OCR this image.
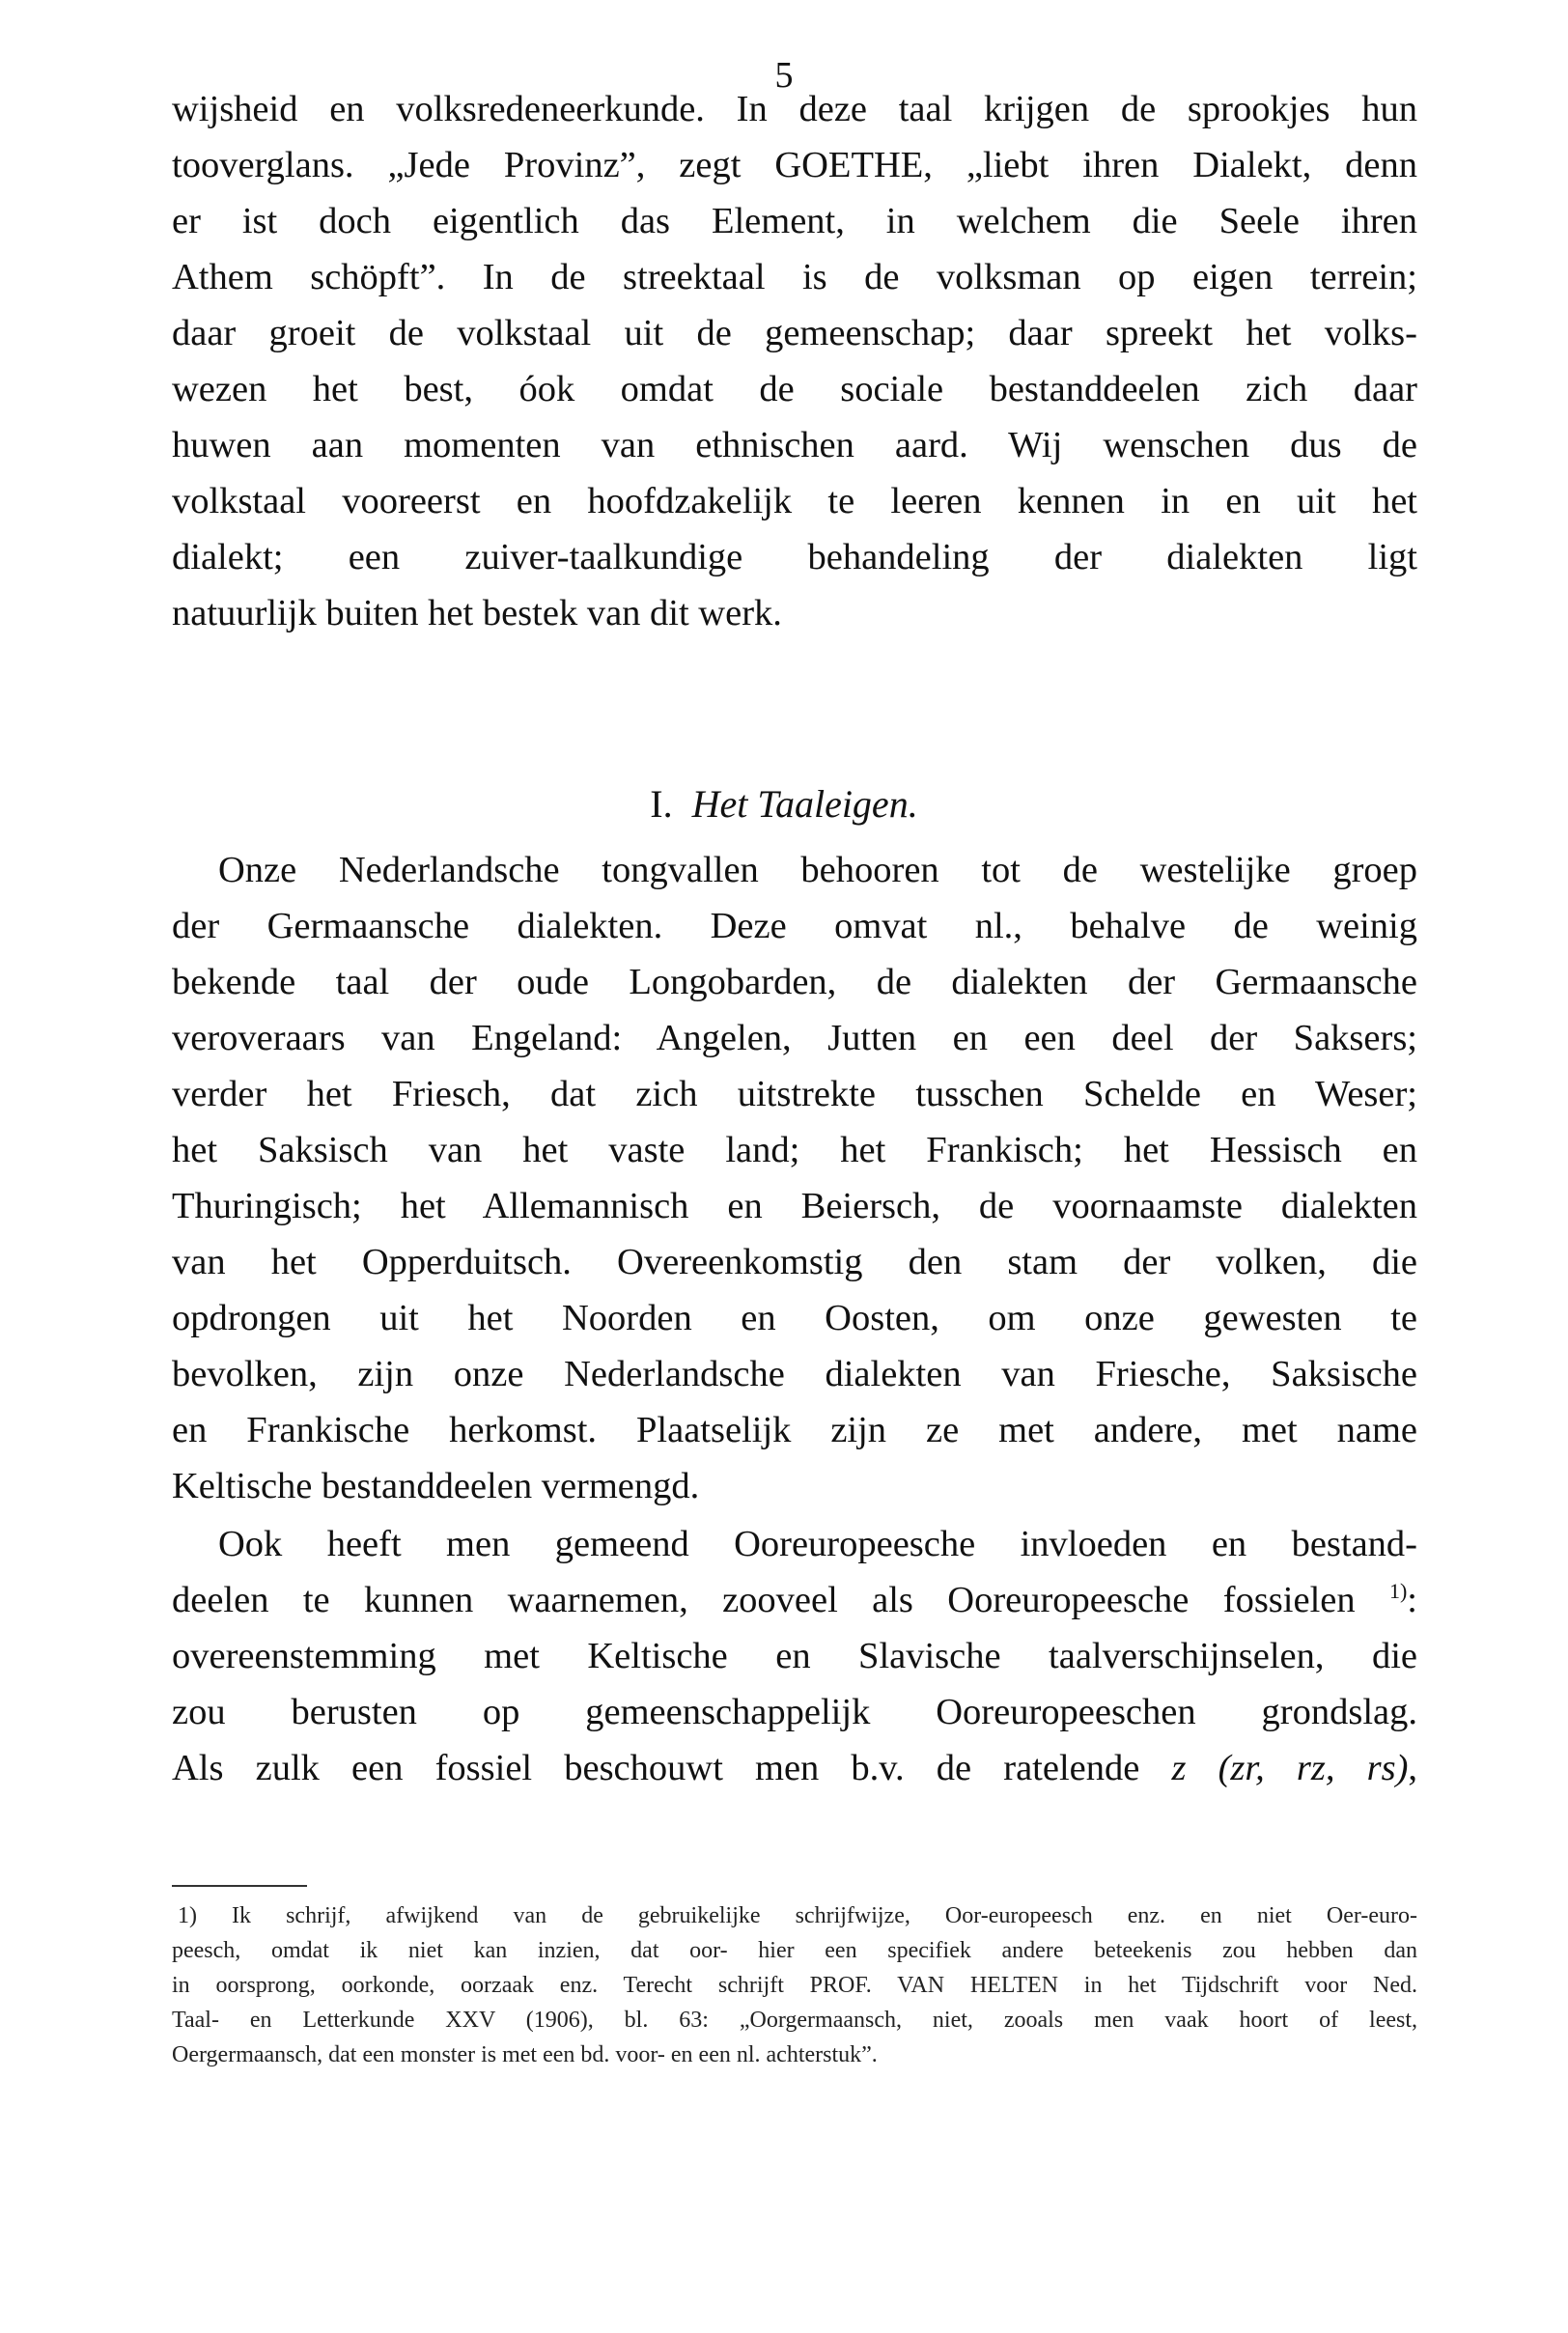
5
wijsheid en volksredeneerkunde. In deze taal krijgen de sprookjes hun
tooverglans. „Jede Provinz”, zegt GOETHE, „liebt ihren Dialekt, denn
er ist doch eigentlich das Element, in welchem die Seele ihren
Athem schöpft”. In de streektaal is de volksman op eigen terrein;
daar groeit de volkstaal uit de gemeenschap; daar spreekt het volks-
wezen het best, óok omdat de sociale bestanddeelen zich daar
huwen aan momenten van ethnischen aard. Wij wenschen dus de
volkstaal vooreerst en hoofdzakelijk te leeren kennen in en uit het
dialekt; een zuiver-taalkundige behandeling der dialekten ligt
natuurlijk buiten het bestek van dit werk.
I. Het Taaleigen.
Onze Nederlandsche tongvallen behooren tot de westelijke groep
der Germaansche dialekten. Deze omvat nl., behalve de weinig
bekende taal der oude Longobarden, de dialekten der Germaansche
veroveraars van Engeland: Angelen, Jutten en een deel der Saksers;
verder het Friesch, dat zich uitstrekte tusschen Schelde en Weser;
het Saksisch van het vaste land; het Frankisch; het Hessisch en
Thuringisch; het Allemannisch en Beiersch, de voornaamste dialekten
van het Opperduitsch. Overeenkomstig den stam der volken, die
opdrongen uit het Noorden en Oosten, om onze gewesten te
bevolken, zijn onze Nederlandsche dialekten van Friesche, Saksische
en Frankische herkomst. Plaatselijk zijn ze met andere, met name
Keltische bestanddeelen vermengd.
Ook heeft men gemeend Ooreuropeesche invloeden en bestand-
deelen te kunnen waarnemen, zooveel als Ooreuropeesche fossielen $^{1)}$:
overeenstemming met Keltische en Slavische taalverschijnselen, die
zou berusten op gemeenschappelijk Ooreuropeeschen grondslag.
Als zulk een fossiel beschouwt men b.v. de ratelende z (zr, rz, rs),
1) Ik schrijf, afwijkend van de gebruikelijke schrijfwijze, Oor-europeesch enz. en niet Oer-euro-
peesch, omdat ik niet kan inzien, dat oor- hier een specifiek andere beteekenis zou hebben dan
in oorsprong, oorkonde, oorzaak enz. Terecht schrijft PROF. VAN HELTEN in het Tijdschrift voor Ned.
Taal- en Letterkunde XXV (1906), bl. 63: „Oorgermaansch, niet, zooals men vaak hoort of leest,
Oergermaansch, dat een monster is met een bd. voor- en een nl. achterstuk”.
